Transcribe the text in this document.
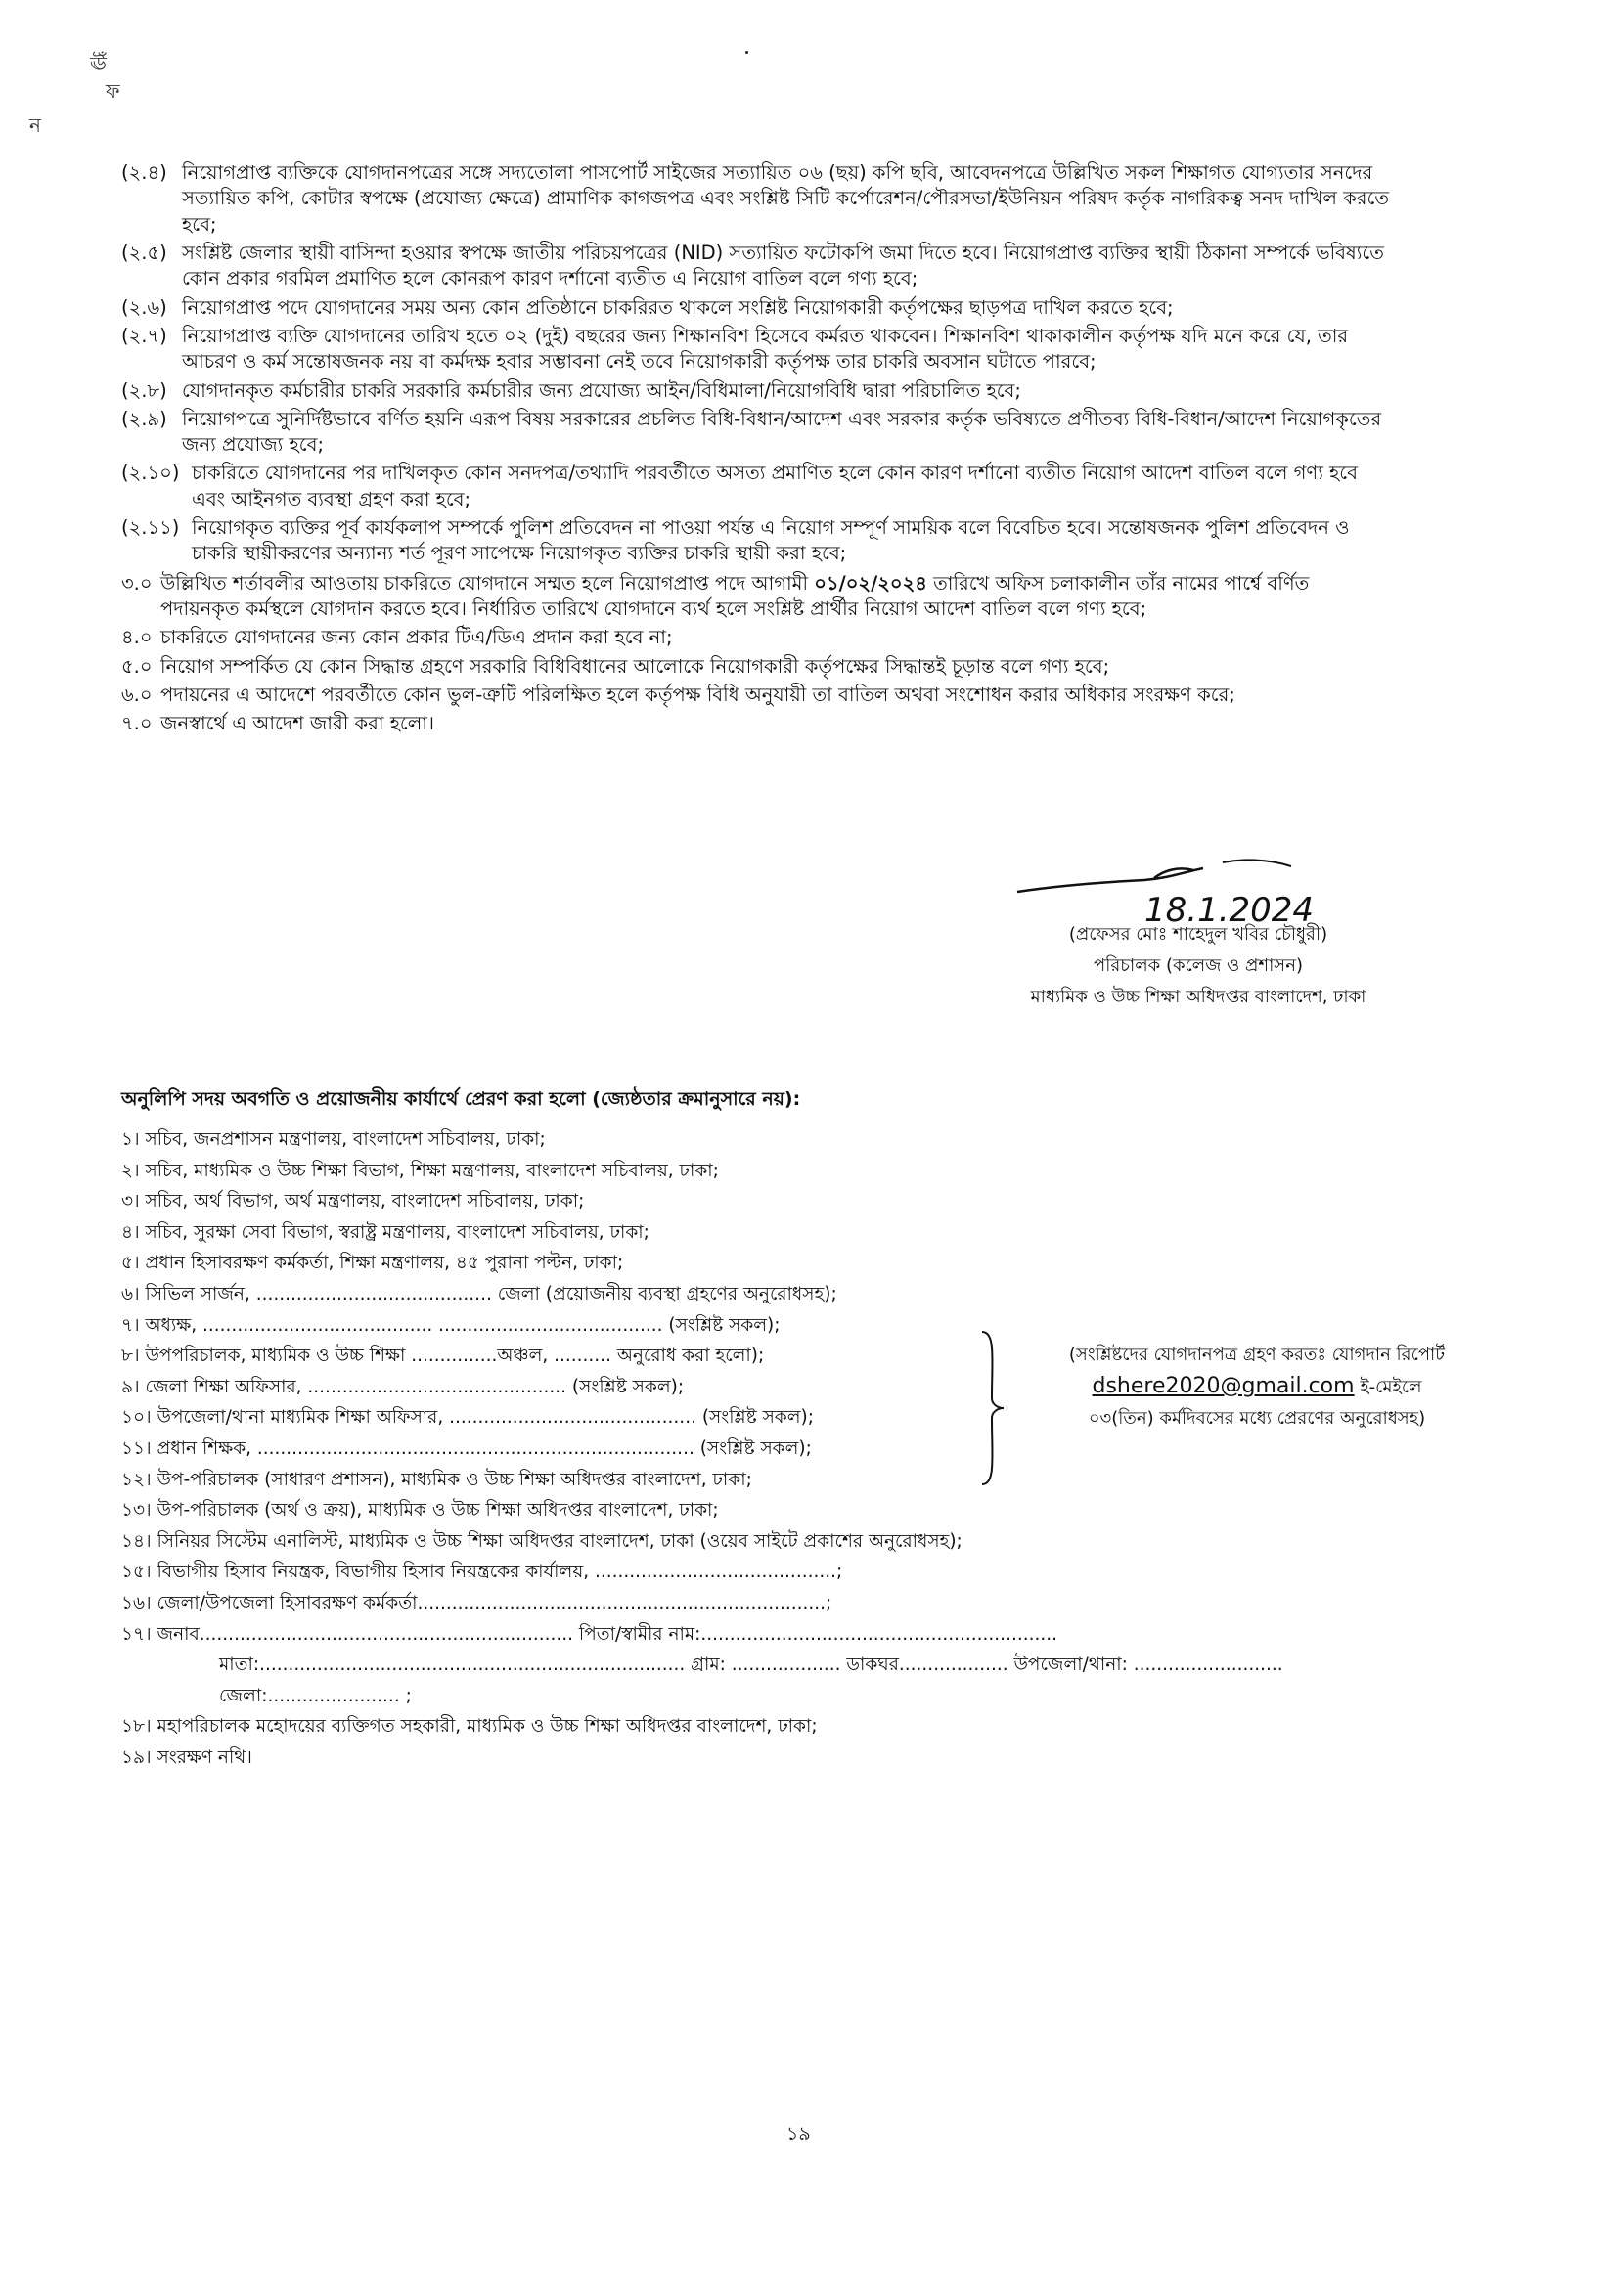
ঊঁ
ফ
ন

(২.৪) নিয়োগপ্রাপ্ত ব্যক্তিকে যোগদানপত্রের সঙ্গে সদ্যতোলা পাসপোর্ট সাইজের সত্যায়িত ০৬ (ছয়) কপি ছবি, আবেদনপত্রে উল্লিখিত সকল শিক্ষাগত যোগ্যতার সনদের সত্যায়িত কপি, কোটার স্বপক্ষে (প্রযোজ্য ক্ষেত্রে) প্রামাণিক কাগজপত্র এবং সংশ্লিষ্ট সিটি কর্পোরেশন/পৌরসভা/ইউনিয়ন পরিষদ কর্তৃক নাগরিকত্ব সনদ দাখিল করতে হবে;

(২.৫) সংশ্লিষ্ট জেলার স্থায়ী বাসিন্দা হওয়ার স্বপক্ষে জাতীয় পরিচয়পত্রের (NID) সত্যায়িত ফটোকপি জমা দিতে হবে। নিয়োগপ্রাপ্ত ব্যক্তির স্থায়ী ঠিকানা সম্পর্কে ভবিষ্যতে কোন প্রকার গরমিল প্রমাণিত হলে কোনরূপ কারণ দর্শানো ব্যতীত এ নিয়োগ বাতিল বলে গণ্য হবে;

(২.৬) নিয়োগপ্রাপ্ত পদে যোগদানের সময় অন্য কোন প্রতিষ্ঠানে চাকরিরত থাকলে সংশ্লিষ্ট নিয়োগকারী কর্তৃপক্ষের ছাড়পত্র দাখিল করতে হবে;

(২.৭) নিয়োগপ্রাপ্ত ব্যক্তি যোগদানের তারিখ হতে ০২ (দুই) বছরের জন্য শিক্ষানবিশ হিসেবে কর্মরত থাকবেন। শিক্ষানবিশ থাকাকালীন কর্তৃপক্ষ যদি মনে করে যে, তার আচরণ ও কর্ম সন্তোষজনক নয় বা কর্মদক্ষ হবার সম্ভাবনা নেই তবে নিয়োগকারী কর্তৃপক্ষ তার চাকরি অবসান ঘটাতে পারবে;

(২.৮) যোগদানকৃত কর্মচারীর চাকরি সরকারি কর্মচারীর জন্য প্রযোজ্য আইন/বিধিমালা/নিয়োগবিধি দ্বারা পরিচালিত হবে;

(২.৯) নিয়োগপত্রে সুনির্দিষ্টভাবে বর্ণিত হয়নি এরূপ বিষয় সরকারের প্রচলিত বিধি-বিধান/আদেশ এবং সরকার কর্তৃক ভবিষ্যতে প্রণীতব্য বিধি-বিধান/আদেশ নিয়োগকৃতের জন্য প্রযোজ্য হবে;

(২.১০) চাকরিতে যোগদানের পর দাখিলকৃত কোন সনদপত্র/তথ্যাদি পরবর্তীতে অসত্য প্রমাণিত হলে কোন কারণ দর্শানো ব্যতীত নিয়োগ আদেশ বাতিল বলে গণ্য হবে এবং আইনগত ব্যবস্থা গ্রহণ করা হবে;

(২.১১) নিয়োগকৃত ব্যক্তির পূর্ব কার্যকলাপ সম্পর্কে পুলিশ প্রতিবেদন না পাওয়া পর্যন্ত এ নিয়োগ সম্পূর্ণ সাময়িক বলে বিবেচিত হবে। সন্তোষজনক পুলিশ প্রতিবেদন ও চাকরি স্থায়ীকরণের অন্যান্য শর্ত পূরণ সাপেক্ষে নিয়োগকৃত ব্যক্তির চাকরি স্থায়ী করা হবে;

৩.০ উল্লিখিত শর্তাবলীর আওতায় চাকরিতে যোগদানে সম্মত হলে নিয়োগপ্রাপ্ত পদে আগামী ০১/০২/২০২৪ তারিখে অফিস চলাকালীন তাঁর নামের পার্শ্বে বর্ণিত পদায়নকৃত কর্মস্থলে যোগদান করতে হবে। নির্ধারিত তারিখে যোগদানে ব্যর্থ হলে সংশ্লিষ্ট প্রার্থীর নিয়োগ আদেশ বাতিল বলে গণ্য হবে;

৪.০ চাকরিতে যোগদানের জন্য কোন প্রকার টিএ/ডিএ প্রদান করা হবে না;

৫.০ নিয়োগ সম্পর্কিত যে কোন সিদ্ধান্ত গ্রহণে সরকারি বিধিবিধানের আলোকে নিয়োগকারী কর্তৃপক্ষের সিদ্ধান্তই চূড়ান্ত বলে গণ্য হবে;

৬.০ পদায়নের এ আদেশে পরবর্তীতে কোন ভুল-ত্রুটি পরিলক্ষিত হলে কর্তৃপক্ষ বিধি অনুযায়ী তা বাতিল অথবা সংশোধন করার অধিকার সংরক্ষণ করে;

৭.০ জনস্বার্থে এ আদেশ জারী করা হলো।

18.1.2024
(প্রফেসর মোঃ শাহেদুল খবির চৌধুরী)
পরিচালক (কলেজ ও প্রশাসন)
মাধ্যমিক ও উচ্চ শিক্ষা অধিদপ্তর বাংলাদেশ, ঢাকা
অনুলিপি সদয় অবগতি ও প্রয়োজনীয় কার্যার্থে প্রেরণ করা হলো (জ্যেষ্ঠতার ক্রমানুসারে নয়):
১। সচিব, জনপ্রশাসন মন্ত্রণালয়, বাংলাদেশ সচিবালয়, ঢাকা;
২। সচিব, মাধ্যমিক ও উচ্চ শিক্ষা বিভাগ, শিক্ষা মন্ত্রণালয়, বাংলাদেশ সচিবালয়, ঢাকা;
৩। সচিব, অর্থ বিভাগ, অর্থ মন্ত্রণালয়, বাংলাদেশ সচিবালয়, ঢাকা;
৪। সচিব, সুরক্ষা সেবা বিভাগ, স্বরাষ্ট্র মন্ত্রণালয়, বাংলাদেশ সচিবালয়, ঢাকা;
৫। প্রধান হিসাবরক্ষণ কর্মকর্তা, শিক্ষা মন্ত্রণালয়, ৪৫ পুরানা পল্টন, ঢাকা;
৬। সিভিল সার্জন, ......................................... জেলা (প্রয়োজনীয় ব্যবস্থা গ্রহণের অনুরোধসহ);
৭। অধ্যক্ষ, ........................................ ....................................... (সংশ্লিষ্ট সকল);
৮। উপপরিচালক, মাধ্যমিক ও উচ্চ শিক্ষা ...............অঞ্চল, .......... অনুরোধ করা হলো);
৯। জেলা শিক্ষা অফিসার, ............................................. (সংশ্লিষ্ট সকল);
১০। উপজেলা/থানা মাধ্যমিক শিক্ষা অফিসার, ........................................... (সংশ্লিষ্ট সকল);
১১। প্রধান শিক্ষক, ............................................................................ (সংশ্লিষ্ট সকল);
১২। উপ-পরিচালক (সাধারণ প্রশাসন), মাধ্যমিক ও উচ্চ শিক্ষা অধিদপ্তর বাংলাদেশ, ঢাকা;
১৩। উপ-পরিচালক (অর্থ ও ক্রয়), মাধ্যমিক ও উচ্চ শিক্ষা অধিদপ্তর বাংলাদেশ, ঢাকা;
১৪। সিনিয়র সিস্টেম এনালিস্ট, মাধ্যমিক ও উচ্চ শিক্ষা অধিদপ্তর বাংলাদেশ, ঢাকা (ওয়েব সাইটে প্রকাশের অনুরোধসহ);
১৫। বিভাগীয় হিসাব নিয়ন্ত্রক, বিভাগীয় হিসাব নিয়ন্ত্রকের কার্যালয়, ..........................................;
১৬। জেলা/উপজেলা হিসাবরক্ষণ কর্মকর্তা.......................................................................;
১৭। জনাব................................................................. পিতা/স্বামীর নাম:..............................................................
মাতা:.......................................................................... গ্রাম: ................... ডাকঘর................... উপজেলা/থানা: ..........................
জেলা:....................... ;
১৮। মহাপরিচালক মহোদয়ের ব্যক্তিগত সহকারী, মাধ্যমিক ও উচ্চ শিক্ষা অধিদপ্তর বাংলাদেশ, ঢাকা;
১৯। সংরক্ষণ নথি।
(সংশ্লিষ্টদের যোগদানপত্র গ্রহণ করতঃ যোগদান রিপোর্ট
dshere2020@gmail.com ই-মেইলে
০৩(তিন) কর্মদিবসের মধ্যে প্রেরণের অনুরোধসহ)
১৯
